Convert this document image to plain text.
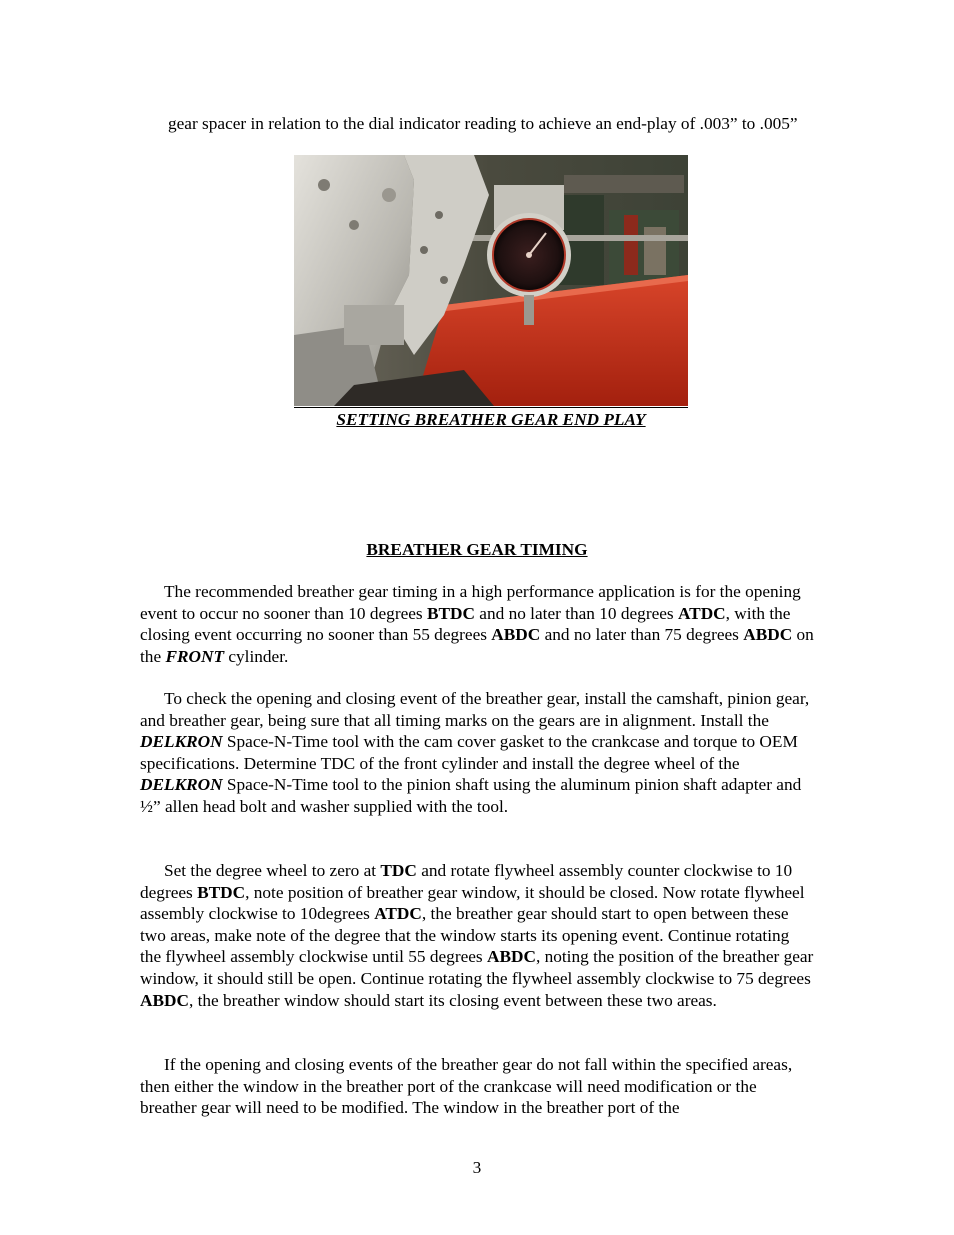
gear spacer in relation to the dial indicator reading to achieve an end-play of .003” to .005”

SETTING BREATHER GEAR END PLAY
BREATHER GEAR TIMING

The recommended breather gear timing in a high performance application is for the opening event to occur no sooner than 10 degrees BTDC and no later than 10 degrees ATDC, with the closing event occurring no sooner than 55 degrees ABDC and no later than 75 degrees ABDC on the FRONT cylinder.

To check the opening and closing event of the breather gear, install the camshaft, pinion gear, and breather gear, being sure that all timing marks on the gears are in alignment. Install the DELKRON Space-N-Time tool with the cam cover gasket to the crankcase and torque to OEM specifications. Determine TDC of the front cylinder and install the degree wheel of the DELKRON Space-N-Time tool to the pinion shaft using the aluminum pinion shaft adapter and ½” allen head bolt and washer supplied with the tool.

Set the degree wheel to zero at TDC and rotate flywheel assembly counter clockwise to 10 degrees BTDC, note position of breather gear window, it should be closed. Now rotate flywheel assembly clockwise to 10degrees ATDC, the breather gear should start to open between these two areas, make note of the degree that the window starts its opening event. Continue rotating the flywheel assembly clockwise until 55 degrees ABDC, noting the position of the breather gear window, it should still be open. Continue rotating the flywheel assembly clockwise to 75 degrees ABDC, the breather window should start its closing event between these two areas.

If the opening and closing events of the breather gear do not fall within the specified areas, then either the window in the breather port of the crankcase will need modification or the breather gear will need to be modified. The window in the breather port of the

3
